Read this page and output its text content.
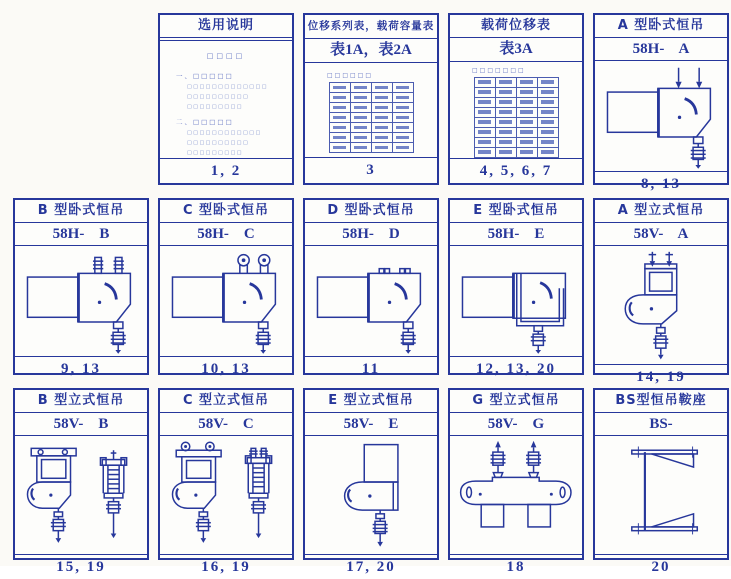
选用说明
□□□□
一、□□□□□
□□□□□□□□□□□□□
□□□□□□□□□□
□□□□□□□□□
二、□□□□□
□□□□□□□□□□□□
□□□□□□□□□□
□□□□□□□□□
1, 2
位移系列表，载荷容量表
表1A，表2A
□□□□□□

3
载荷位移表
表3A
□□□□□□□

4, 5, 6, 7
A 型卧式恒吊
58H-    A
8, 13
B 型卧式恒吊
58H-    B
9, 13
C 型卧式恒吊
58H-    C
10, 13
D 型卧式恒吊
58H-    D
11
E 型卧式恒吊
58H-    E
12, 13, 20
A 型立式恒吊
58V-    A
14, 19
B 型立式恒吊
58V-    B
15, 19
C 型立式恒吊
58V-    C
16, 19
E 型立式恒吊
58V-    E
17, 20
G 型立式恒吊
58V-    G
18
BS型恒吊鞍座
BS-
20
